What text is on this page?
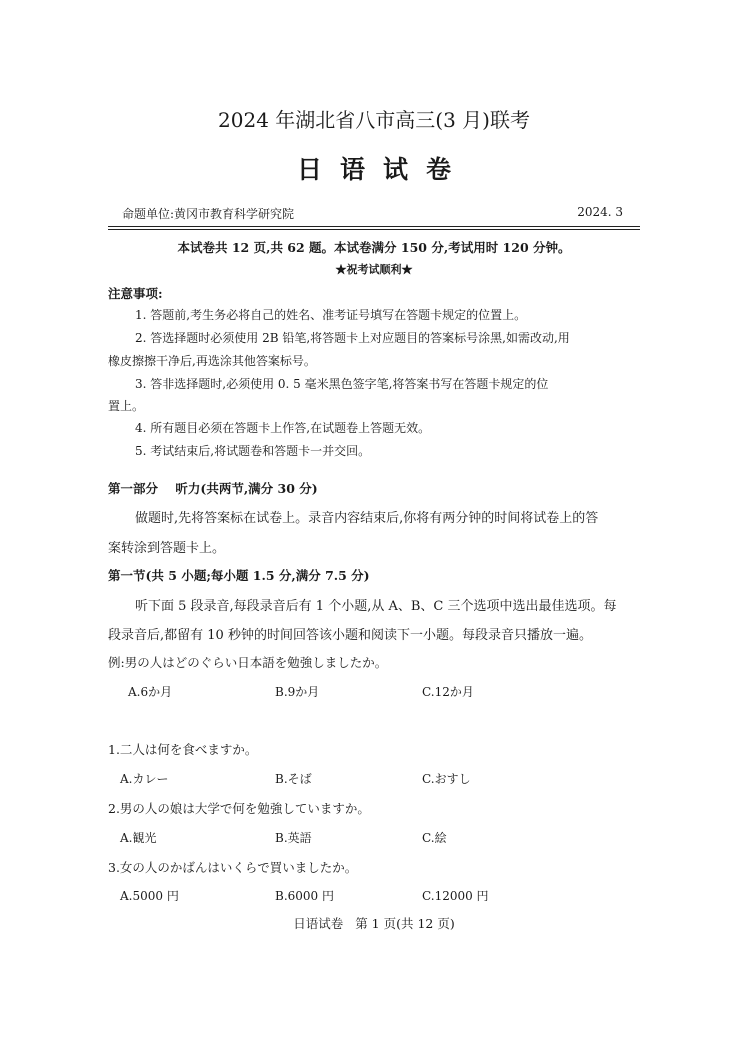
2024 年湖北省八市高三(3 月)联考
日语试卷
命题单位:黄冈市教育科学研究院	2024. 3
本试卷共 12 页,共 62 题。本试卷满分 150 分,考试用时 120 分钟。
★祝考试顺利★
注意事项:
1. 答题前,考生务必将自己的姓名、准考证号填写在答题卡规定的位置上。
2. 答选择题时必须使用 2B 铅笔,将答题卡上对应题目的答案标号涂黑,如需改动,用
橡皮擦擦干净后,再选涂其他答案标号。
3. 答非选择题时,必须使用 0. 5 毫米黑色签字笔,将答案书写在答题卡规定的位
置上。
4. 所有题目必须在答题卡上作答,在试题卷上答题无效。
5. 考试结束后,将试题卷和答题卡一并交回。
第一部分    听力(共两节,满分 30 分)
做题时,先将答案标在试卷上。录音内容结束后,你将有两分钟的时间将试卷上的答
案转涂到答题卡上。
第一节(共 5 小题;每小题 1.5 分,满分 7.5 分)
听下面 5 段录音,每段录音后有 1 个小题,从 A、B、C 三个选项中选出最佳选项。每
段录音后,都留有 10 秒钟的时间回答该小题和阅读下一小题。每段录音只播放一遍。
例:男の人はどのぐらい日本語を勉強しましたか。
A.6か月	B.9か月	C.12か月
1.二人は何を食べますか。
A.カレー	B.そば	C.おすし
2.男の人の娘は大学で何を勉強していますか。
A.観光	B.英語	C.絵
3.女の人のかばんはいくらで買いましたか。
A.5000 円	B.6000 円	C.12000 円
日语试卷   第 1 页(共 12 页)
